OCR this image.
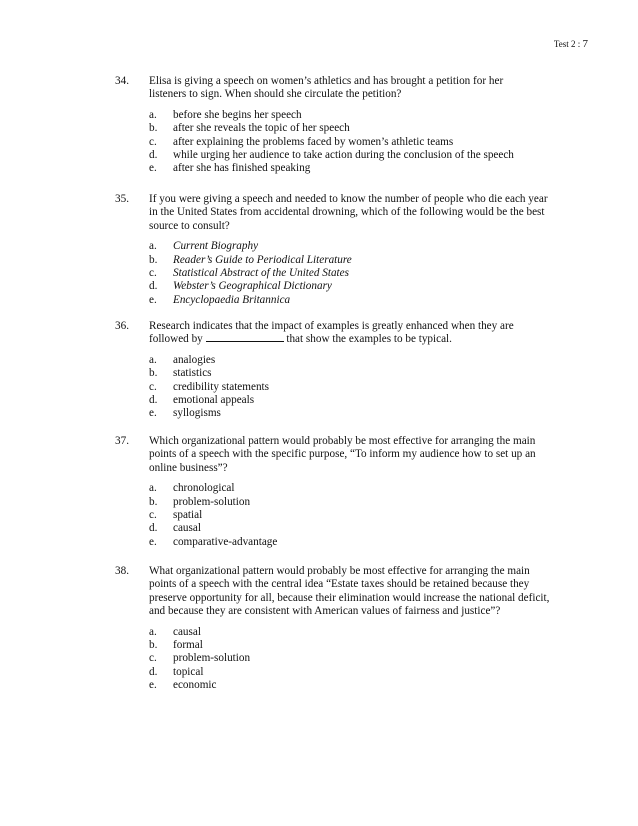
Test 2 : 7
34.	Elisa is giving a speech on women’s athletics and has brought a petition for her
listeners to sign. When should she circulate the petition?
a.	before she begins her speech
b.	after she reveals the topic of her speech
c.	after explaining the problems faced by women’s athletic teams
d.	while urging her audience to take action during the conclusion of the speech
e.	after she has finished speaking
35.	If you were giving a speech and needed to know the number of people who die each year
in the United States from accidental drowning, which of the following would be the best
source to consult?
a.	Current Biography
b.	Reader’s Guide to Periodical Literature
c.	Statistical Abstract of the United States
d.	Webster’s Geographical Dictionary
e.	Encyclopaedia Britannica
36.	Research indicates that the impact of examples is greatly enhanced when they are
followed by	that show the examples to be typical.
a.	analogies
b.	statistics
c.	credibility statements
d.	emotional appeals
e.	syllogisms
37.	Which organizational pattern would probably be most effective for arranging the main
points of a speech with the specific purpose, “To inform my audience how to set up an
online business”?
a.	chronological
b.	problem-solution
c.	spatial
d.	causal
e.	comparative-advantage
38.	What organizational pattern would probably be most effective for arranging the main
points of a speech with the central idea “Estate taxes should be retained because they
preserve opportunity for all, because their elimination would increase the national deficit,
and because they are consistent with American values of fairness and justice”?
a.	causal
b.	formal
c.	problem-solution
d.	topical
e.	economic
